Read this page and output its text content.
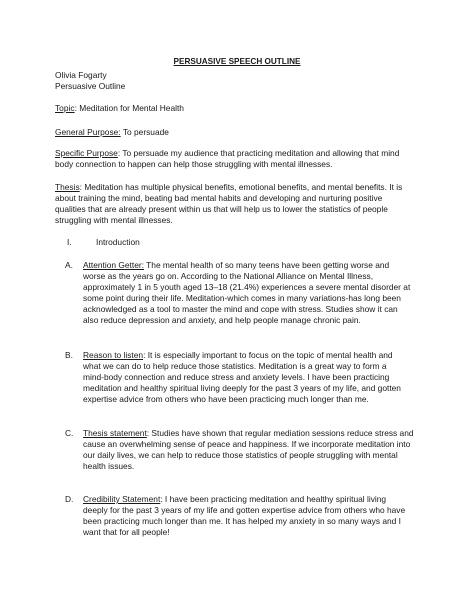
PERSUASIVE SPEECH OUTLINE
Olivia Fogarty
Persuasive Outline
Topic: Meditation for Mental Health
General Purpose: To persuade
Specific Purpose: To persuade my audience that practicing meditation and allowing that mind
body connection to happen can help those struggling with mental illnesses.
Thesis: Meditation has multiple physical benefits, emotional benefits, and mental benefits. It is
about training the mind, beating bad mental habits and developing and nurturing positive
qualities that are already present within us that will help us to lower the statistics of people
struggling with mental illnesses.
I.	Introduction
A. Attention Getter: The mental health of so many teens have been getting worse and
worse as the years go on. According to the National Alliance on Mental Illness,
approximately 1 in 5 youth aged 13–18 (21.4%) experiences a severe mental disorder at
some point during their life. Meditation-which comes in many variations-has long been
acknowledged as a tool to master the mind and cope with stress. Studies show it can
also reduce depression and anxiety, and help people manage chronic pain.
B. Reason to listen: It is especially important to focus on the topic of mental health and
what we can do to help reduce those statistics. Meditation is a great way to form a
mind-body connection and reduce stress and anxiety levels. I have been practicing
meditation and healthy spiritual living deeply for the past 3 years of my life, and gotten
expertise advice from others who have been practicing much longer than me.
C. Thesis statement: Studies have shown that regular mediation sessions reduce stress and
cause an overwhelming sense of peace and happiness. If we incorporate meditation into
our daily lives, we can help to reduce those statistics of people struggling with mental
health issues.
D. Credibility Statement: I have been practicing meditation and healthy spiritual living
deeply for the past 3 years of my life and gotten expertise advice from others who have
been practicing much longer than me. It has helped my anxiety in so many ways and I
want that for all people!
